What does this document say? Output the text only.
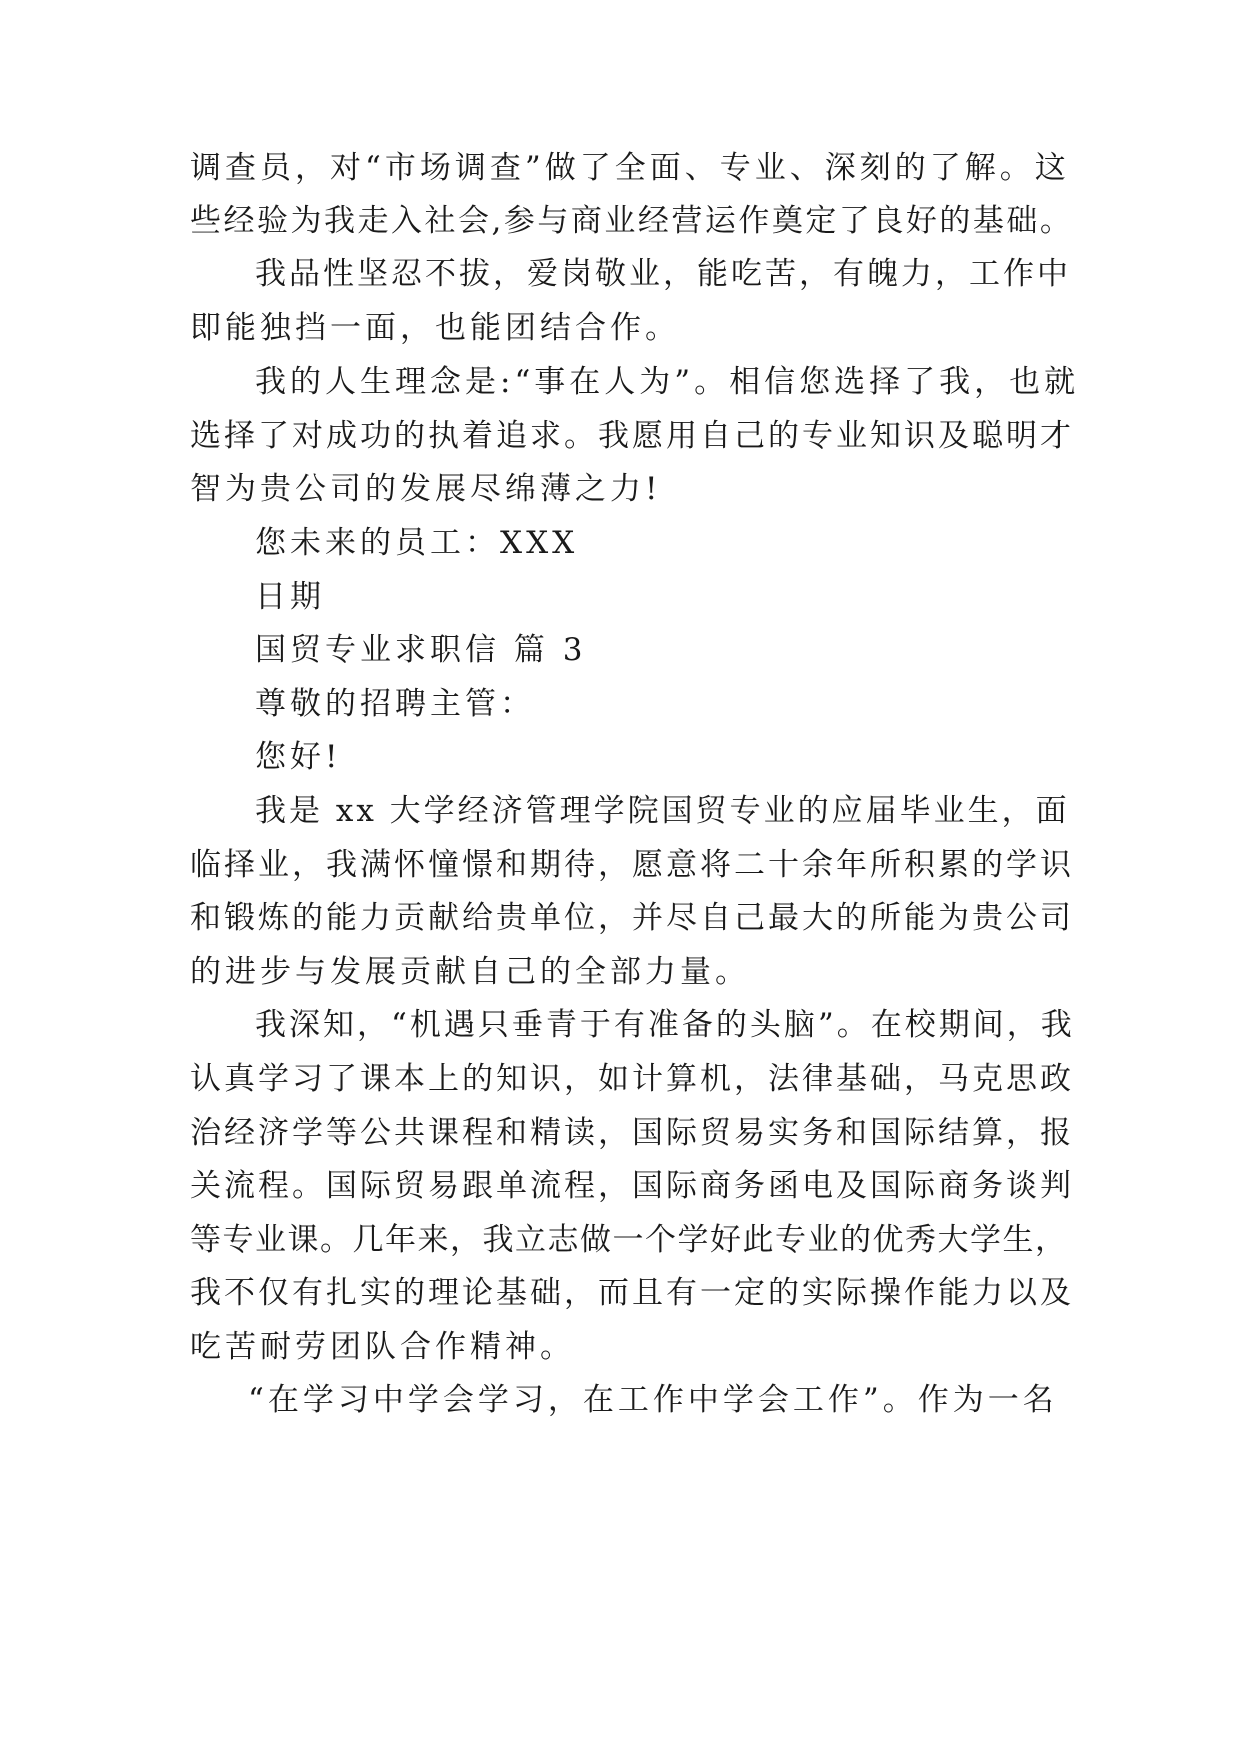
调查员，对“市场调查”做了全面、专业、深刻的了解。这
些经验为我走入社会,参与商业经营运作奠定了良好的基础。
我品性坚忍不拔，爱岗敬业，能吃苦，有魄力，工作中
即能独挡一面，也能团结合作。
我的人生理念是:“事在人为”。相信您选择了我，也就
选择了对成功的执着追求。我愿用自己的专业知识及聪明才
智为贵公司的发展尽绵薄之力!
您未来的员工：XXX
日期
国贸专业求职信 篇 3
尊敬的招聘主管：
您好!
我是 xx 大学经济管理学院国贸专业的应届毕业生，面
临择业，我满怀憧憬和期待，愿意将二十余年所积累的学识
和锻炼的能力贡献给贵单位，并尽自己最大的所能为贵公司
的进步与发展贡献自己的全部力量。
我深知，“机遇只垂青于有准备的头脑”。在校期间，我
认真学习了课本上的知识，如计算机，法律基础，马克思政
治经济学等公共课程和精读，国际贸易实务和国际结算，报
关流程。国际贸易跟单流程，国际商务函电及国际商务谈判
等专业课。几年来，我立志做一个学好此专业的优秀大学生，
我不仅有扎实的理论基础，而且有一定的实际操作能力以及
吃苦耐劳团队合作精神。
“在学习中学会学习，在工作中学会工作”。作为一名
